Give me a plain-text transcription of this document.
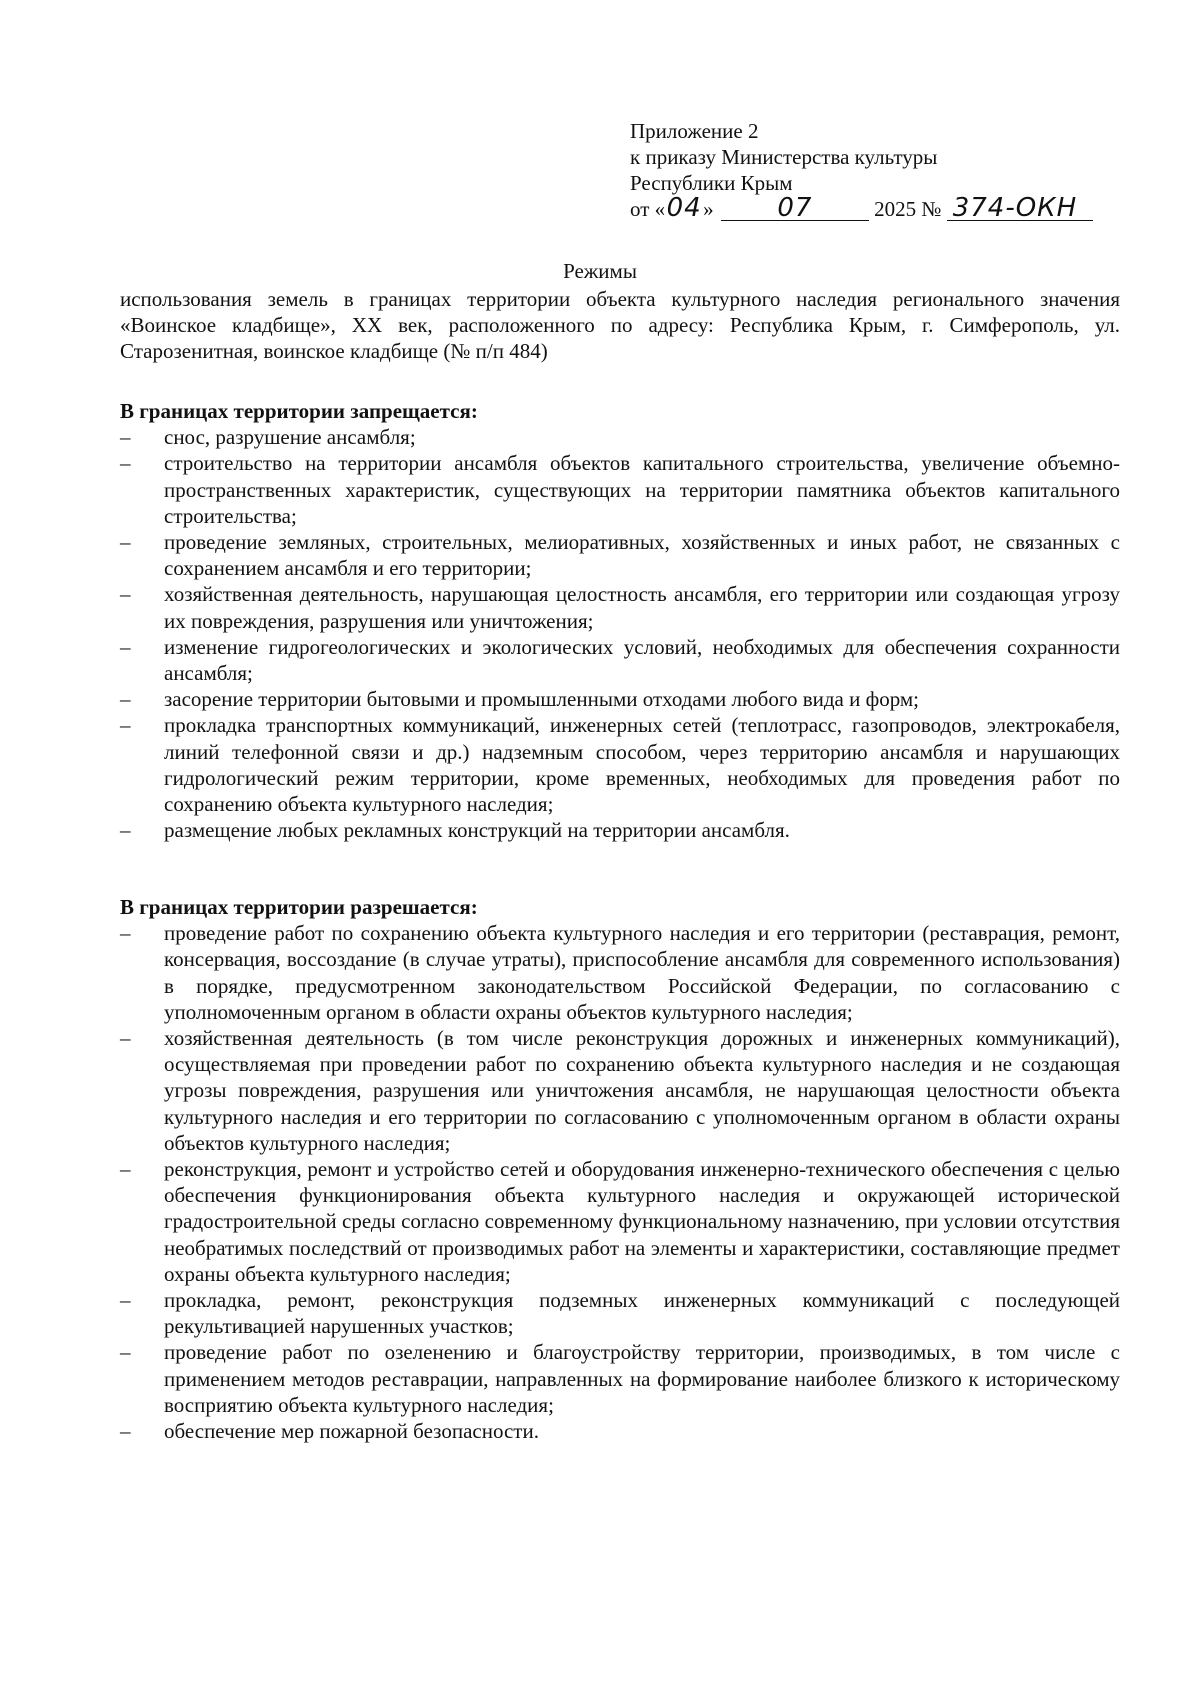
Приложение 2
к приказу Министерства культуры
Республики Крым
от «04» 07	2025 № 374-ОКН
Режимы
использования земель в границах территории объекта культурного наследия регионального значения «Воинское кладбище», XX век, расположенного по адресу: Республика Крым, г. Симферополь, ул. Старозенитная, воинское кладбище (№ п/п 484)

В границах территории запрещается:

–	снос, разрушение ансамбля;
–	строительство на территории ансамбля объектов капитального строительства, увеличение объемно-пространственных характеристик, существующих на территории памятника объектов капитального строительства;
–	проведение земляных, строительных, мелиоративных, хозяйственных и иных работ, не связанных с сохранением ансамбля и его территории;
–	хозяйственная деятельность, нарушающая целостность ансамбля, его территории или создающая угрозу их повреждения, разрушения или уничтожения;
–	изменение гидрогеологических и экологических условий, необходимых для обеспечения сохранности ансамбля;
–	засорение территории бытовыми и промышленными отходами любого вида и форм;
–	прокладка транспортных коммуникаций, инженерных сетей (теплотрасс, газопроводов, электрокабеля, линий телефонной связи и др.) надземным способом, через территорию ансамбля и нарушающих гидрологический режим территории, кроме временных, необходимых для проведения работ по сохранению объекта культурного наследия;
–	размещение любых рекламных конструкций на территории ансамбля.

В границах территории разрешается:

–	проведение работ по сохранению объекта культурного наследия и его территории (реставрация, ремонт, консервация, воссоздание (в случае утраты), приспособление ансамбля для современного использования) в порядке, предусмотренном законодательством Российской Федерации, по согласованию с уполномоченным органом в области охраны объектов культурного наследия;
–	хозяйственная деятельность (в том числе реконструкция дорожных и инженерных коммуникаций), осуществляемая при проведении работ по сохранению объекта культурного наследия и не создающая угрозы повреждения, разрушения или уничтожения ансамбля, не нарушающая целостности объекта культурного наследия и его территории по согласованию с уполномоченным органом в области охраны объектов культурного наследия;
–	реконструкция, ремонт и устройство сетей и оборудования инженерно-технического обеспечения с целью обеспечения функционирования объекта культурного наследия и окружающей исторической градостроительной среды согласно современному функциональному назначению, при условии отсутствия необратимых последствий от производимых работ на элементы и характеристики, составляющие предмет охраны объекта культурного наследия;
–	прокладка, ремонт, реконструкция подземных инженерных коммуникаций с последующей рекультивацией нарушенных участков;
–	проведение работ по озеленению и благоустройству территории, производимых, в том числе с применением методов реставрации, направленных на формирование наиболее близкого к историческому восприятию объекта культурного наследия;
–	обеспечение мер пожарной безопасности.
